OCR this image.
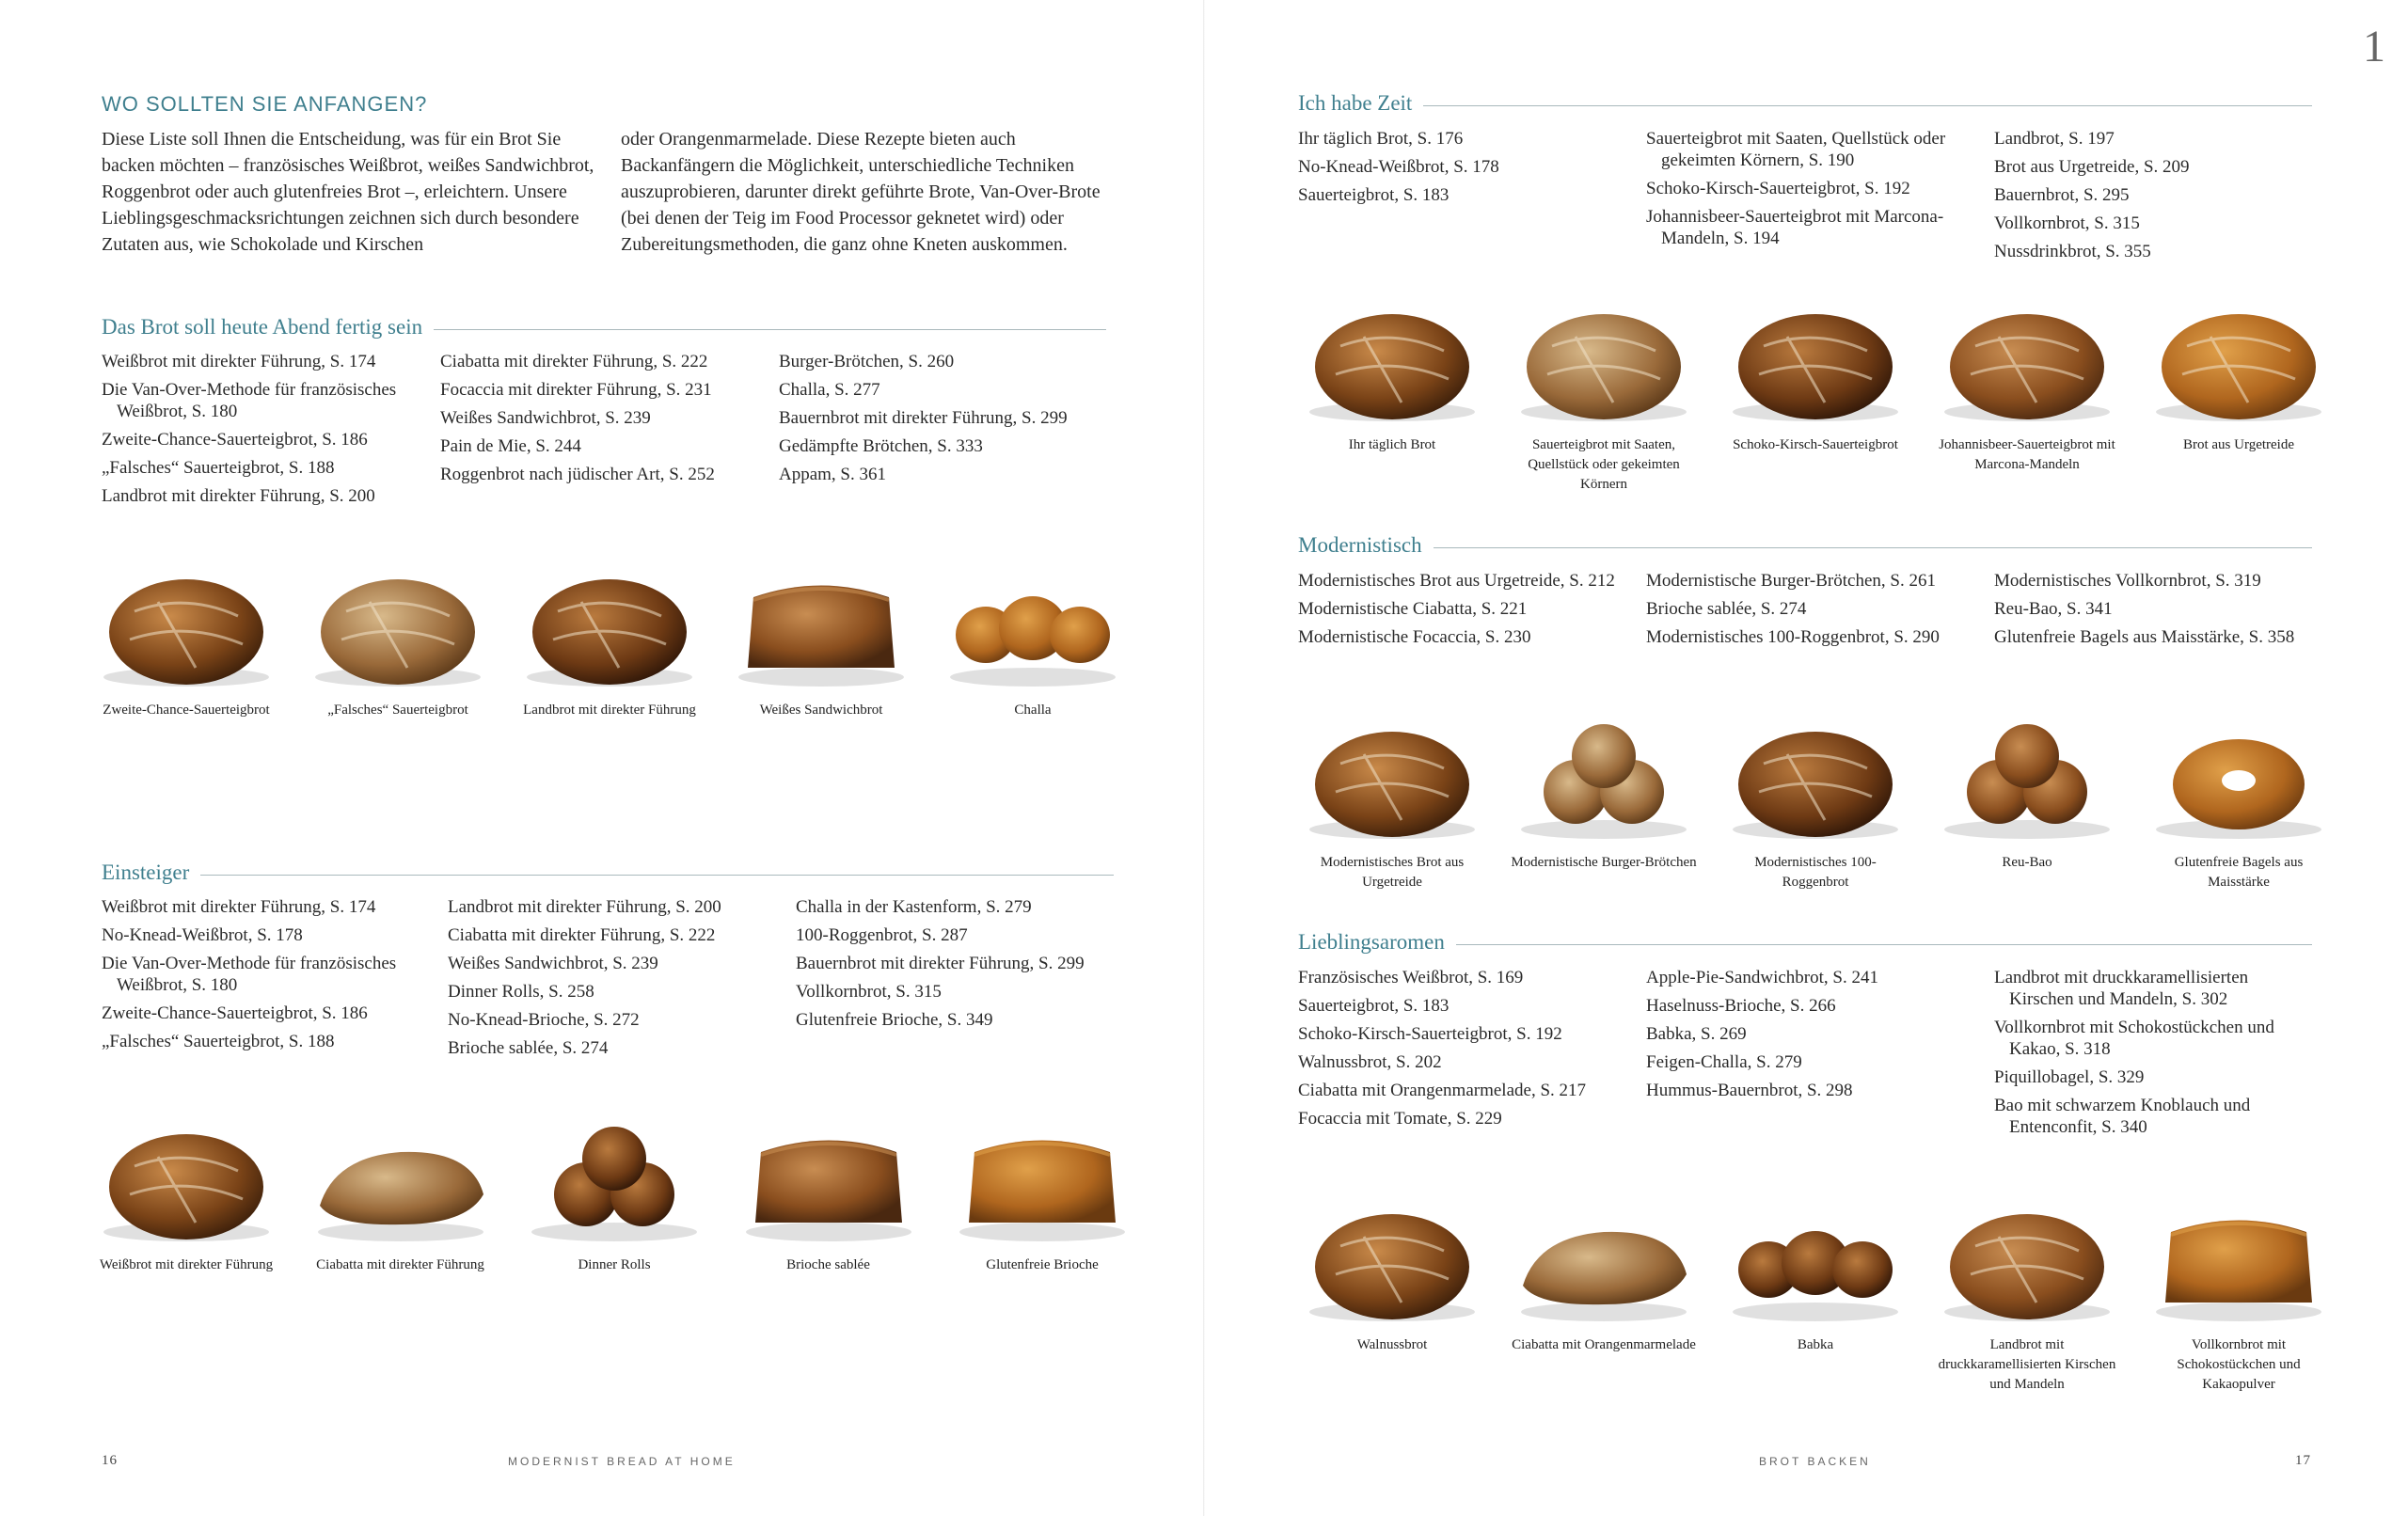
WO SOLLTEN SIE ANFANGEN?
Diese Liste soll Ihnen die Entscheidung, was für ein Brot Sie backen möchten – französisches Weißbrot, weißes Sandwichbrot, Roggenbrot oder auch glutenfreies Brot –, erleichtern. Unsere Lieblingsgeschmacksrichtungen zeichnen sich durch besondere Zutaten aus, wie Schokolade und Kirschen
oder Orangenmarmelade. Diese Rezepte bieten auch Backanfängern die Möglichkeit, unterschiedliche Techniken auszuprobieren, darunter direkt geführte Brote, Van-Over-Brote (bei denen der Teig im Food Processor geknetet wird) oder Zubereitungsmethoden, die ganz ohne Kneten auskommen.
Das Brot soll heute Abend fertig sein
Weißbrot mit direkter Führung, S. 174
Die Van-Over-Methode für französisches Weißbrot, S. 180
Zweite-Chance-Sauerteigbrot, S. 186
„Falsches“ Sauerteigbrot, S. 188
Landbrot mit direkter Führung, S. 200
Ciabatta mit direkter Führung, S. 222
Focaccia mit direkter Führung, S. 231
Weißes Sandwichbrot, S. 239
Pain de Mie, S. 244
Roggenbrot nach jüdischer Art, S. 252
Burger-Brötchen, S. 260
Challa, S. 277
Bauernbrot mit direkter Führung, S. 299
Gedämpfte Brötchen, S. 333
Appam, S. 361
Zweite-Chance-Sauerteigbrot	„Falsches“ Sauerteigbrot	Landbrot mit direkter Führung	Weißes Sandwichbrot	Challa
Einsteiger
Weißbrot mit direkter Führung, S. 174
No-Knead-Weißbrot, S. 178
Die Van-Over-Methode für französisches Weißbrot, S. 180
Zweite-Chance-Sauerteigbrot, S. 186
„Falsches“ Sauerteigbrot, S. 188
Landbrot mit direkter Führung, S. 200
Ciabatta mit direkter Führung, S. 222
Weißes Sandwichbrot, S. 239
Dinner Rolls, S. 258
No-Knead-Brioche, S. 272
Brioche sablée, S. 274
Challa in der Kastenform, S. 279
100-Roggenbrot, S. 287
Bauernbrot mit direkter Führung, S. 299
Vollkornbrot, S. 315
Glutenfreie Brioche, S. 349
Weißbrot mit direkter Führung	Ciabatta mit direkter Führung	Dinner Rolls	Brioche sablée	Glutenfreie Brioche
16	MODERNIST BREAD AT HOME
1
Ich habe Zeit
Ihr täglich Brot, S. 176
No-Knead-Weißbrot, S. 178
Sauerteigbrot, S. 183
Sauerteigbrot mit Saaten, Quellstück oder gekeimten Körnern, S. 190
Schoko-Kirsch-Sauerteigbrot, S. 192
Johannisbeer-Sauerteigbrot mit Marcona-Mandeln, S. 194
Landbrot, S. 197
Brot aus Urgetreide, S. 209
Bauernbrot, S. 295
Vollkornbrot, S. 315
Nussdrinkbrot, S. 355
Ihr täglich Brot	Sauerteigbrot mit Saaten, Quellstück oder gekeimten Körnern
Schoko-Kirsch-Sauerteigbrot	Johannisbeer-Sauerteigbrot mit Marcona-Mandeln
Brot aus Urgetreide
Modernistisch
Modernistisches Brot aus Urgetreide, S. 212
Modernistische Ciabatta, S. 221
Modernistische Focaccia, S. 230
Modernistische Burger-Brötchen, S. 261
Brioche sablée, S. 274
Modernistisches 100-Roggenbrot, S. 290
Modernistisches Vollkornbrot, S. 319
Reu-Bao, S. 341
Glutenfreie Bagels aus Maisstärke, S. 358
Modernistisches Brot aus Urgetreide
Modernistische Burger-Brötchen	Modernistisches 100-Roggenbrot
Reu-Bao	Glutenfreie Bagels aus Maisstärke
Lieblingsaromen
Französisches Weißbrot, S. 169
Sauerteigbrot, S. 183
Schoko-Kirsch-Sauerteigbrot, S. 192
Walnussbrot, S. 202
Ciabatta mit Orangenmarmelade, S. 217
Focaccia mit Tomate, S. 229
Apple-Pie-Sandwichbrot, S. 241
Haselnuss-Brioche, S. 266
Babka, S. 269
Feigen-Challa, S. 279
Hummus-Bauernbrot, S. 298
Landbrot mit druckkaramellisierten Kirschen und Mandeln, S. 302
Vollkornbrot mit Schokostückchen und Kakao, S. 318
Piquillobagel, S. 329
Bao mit schwarzem Knoblauch und Entenconfit, S. 340
Walnussbrot	Ciabatta mit Orangenmarmelade	Babka	Landbrot mit druckkaramellisierten Kirschen und Mandeln
Vollkornbrot mit Schokostückchen und Kakaopulver
BROT BACKEN	17
